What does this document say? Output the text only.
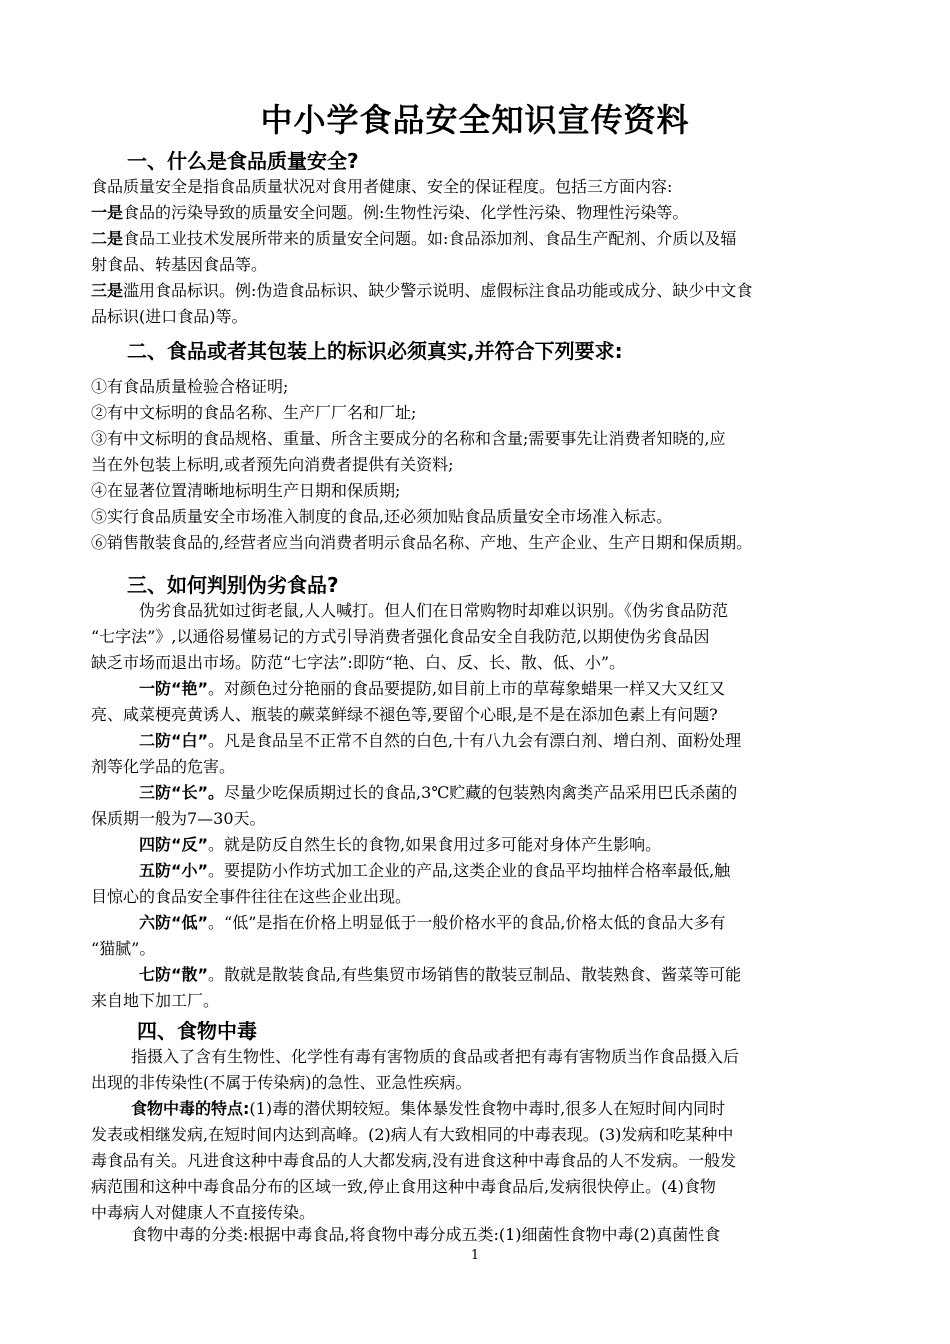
中小学食品安全知识宣传资料
一、什么是食品质量安全?
食品质量安全是指食品质量状况对食用者健康、安全的保证程度。包括三方面内容:
一是食品的污染导致的质量安全问题。例:生物性污染、化学性污染、物理性污染等。
二是食品工业技术发展所带来的质量安全问题。如:食品添加剂、食品生产配剂、介质以及辐
射食品、转基因食品等。
三是滥用食品标识。例:伪造食品标识、缺少警示说明、虚假标注食品功能或成分、缺少中文食
品标识(进口食品)等。
二、食品或者其包装上的标识必须真实,并符合下列要求:
①有食品质量检验合格证明;
②有中文标明的食品名称、生产厂厂名和厂址;
③有中文标明的食品规格、重量、所含主要成分的名称和含量;需要事先让消费者知晓的,应
当在外包装上标明,或者预先向消费者提供有关资料;
④在显著位置清晰地标明生产日期和保质期;
⑤实行食品质量安全市场准入制度的食品,还必须加贴食品质量安全市场准入标志。
⑥销售散装食品的,经营者应当向消费者明示食品名称、产地、生产企业、生产日期和保质期。
三、如何判别伪劣食品?
伪劣食品犹如过街老鼠,人人喊打。但人们在日常购物时却难以识别。《伪劣食品防范
“七字法”》,以通俗易懂易记的方式引导消费者强化食品安全自我防范,以期使伪劣食品因
缺乏市场而退出市场。防范“七字法”:即防“艳、白、反、长、散、低、小”。
一防“艳”。对颜色过分艳丽的食品要提防,如目前上市的草莓象蜡果一样又大又红又
亮、咸菜梗亮黄诱人、瓶装的蕨菜鲜绿不褪色等,要留个心眼,是不是在添加色素上有问题?
二防“白”。凡是食品呈不正常不自然的白色,十有八九会有漂白剂、增白剂、面粉处理
剂等化学品的危害。
三防“长”。尽量少吃保质期过长的食品,3℃贮藏的包装熟肉禽类产品采用巴氏杀菌的
保质期一般为7—30天。
四防“反”。就是防反自然生长的食物,如果食用过多可能对身体产生影响。
五防“小”。要提防小作坊式加工企业的产品,这类企业的食品平均抽样合格率最低,触
目惊心的食品安全事件往往在这些企业出现。
六防“低”。“低”是指在价格上明显低于一般价格水平的食品,价格太低的食品大多有
“猫腻”。
七防“散”。散就是散装食品,有些集贸市场销售的散装豆制品、散装熟食、酱菜等可能
来自地下加工厂。
四、食物中毒
指摄入了含有生物性、化学性有毒有害物质的食品或者把有毒有害物质当作食品摄入后
出现的非传染性(不属于传染病)的急性、亚急性疾病。
食物中毒的特点:(1)毒的潜伏期较短。集体暴发性食物中毒时,很多人在短时间内同时
发表或相继发病,在短时间内达到高峰。(2)病人有大致相同的中毒表现。(3)发病和吃某种中
毒食品有关。凡进食这种中毒食品的人大都发病,没有进食这种中毒食品的人不发病。一般发
病范围和这种中毒食品分布的区域一致,停止食用这种中毒食品后,发病很快停止。(4)食物
中毒病人对健康人不直接传染。
食物中毒的分类:根据中毒食品,将食物中毒分成五类:(1)细菌性食物中毒(2)真菌性食
1
